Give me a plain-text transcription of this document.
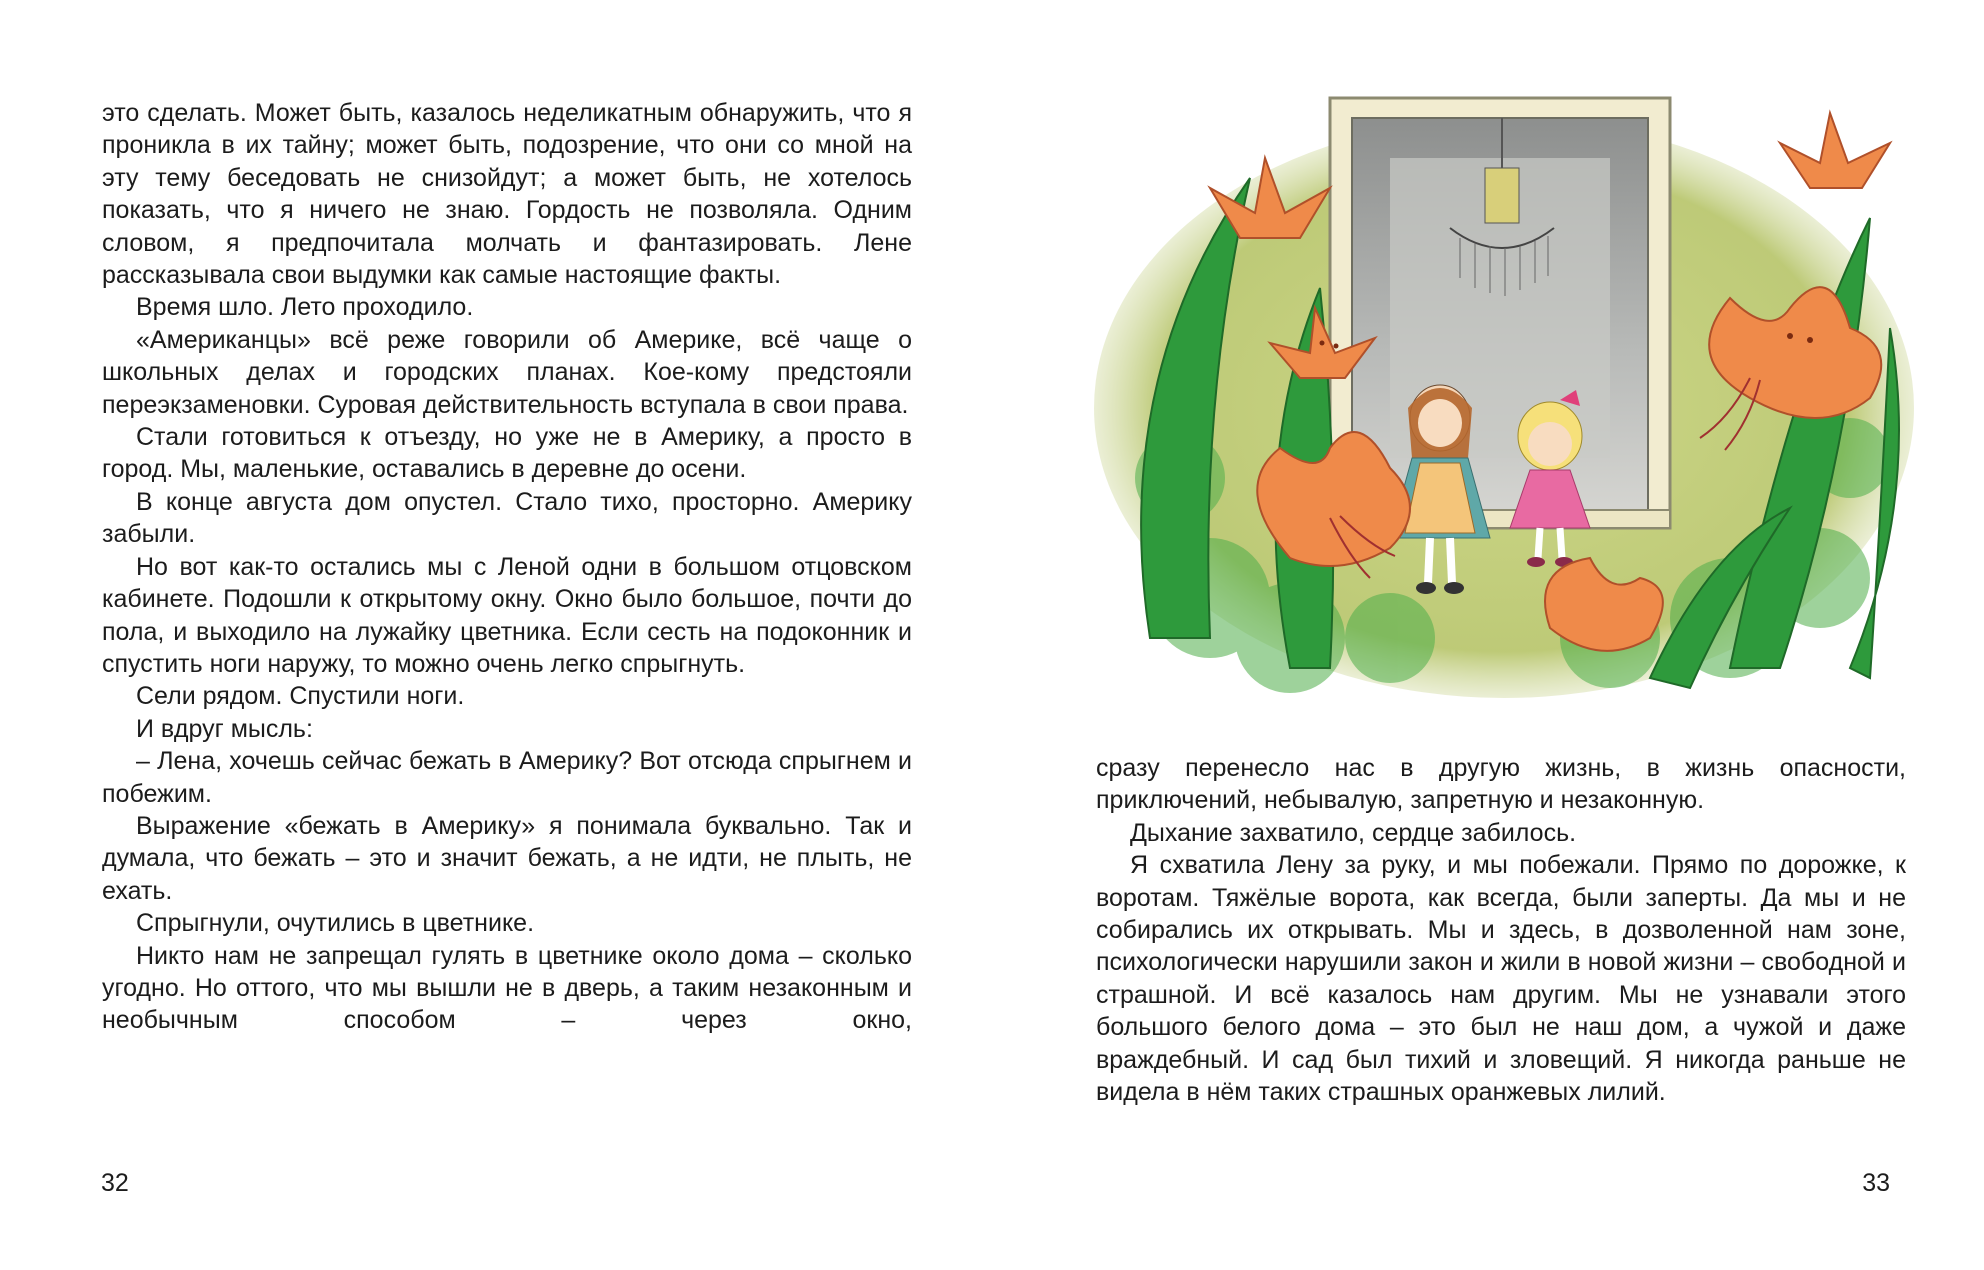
это сделать. Может быть, казалось неделикатным обнаружить, что я проникла в их тайну; может быть, подозрение, что они со мной на эту тему беседовать не снизойдут; а может быть, не хотелось показать, что я ничего не знаю. Гордость не позволяла. Одним словом, я предпочитала молчать и фантазировать. Лене рассказывала свои выдумки как самые настоящие факты.

Время шло. Лето проходило.

«Американцы» всё реже говорили об Америке, всё чаще о школьных делах и городских планах. Кое-кому предстояли переэкзаменовки. Суровая действительность вступала в свои права.

Стали готовиться к отъезду, но уже не в Америку, а просто в город. Мы, маленькие, оставались в деревне до осени.

В конце августа дом опустел. Стало тихо, просторно. Америку забыли.

Но вот как-то остались мы с Леной одни в большом отцовском кабинете. Подошли к открытому окну. Окно было большое, почти до пола, и выходило на лужайку цветника. Если сесть на подоконник и спустить ноги наружу, то можно очень легко спрыгнуть.

Сели рядом. Спустили ноги.

И вдруг мысль:

– Лена, хочешь сейчас бежать в Америку? Вот отсюда спрыгнем и побежим.

Выражение «бежать в Америку» я понимала буквально. Так и думала, что бежать – это и значит бежать, а не идти, не плыть, не ехать.

Спрыгнули, очутились в цветнике.

Никто нам не запрещал гулять в цветнике около дома – сколько угодно. Но оттого, что мы вышли не в дверь, а таким незаконным и необычным способом – через окно,

32

сразу перенесло нас в другую жизнь, в жизнь опасности, приключений, небывалую, запретную и незаконную.

Дыхание захватило, сердце забилось.

Я схватила Лену за руку, и мы побежали. Прямо по дорожке, к воротам. Тяжёлые ворота, как всегда, были заперты. Да мы и не собирались их открывать. Мы и здесь, в дозволенной нам зоне, психологически нарушили закон и жили в новой жизни – свободной и страшной. И всё казалось нам другим. Мы не узнавали этого большого белого дома – это был не наш дом, а чужой и даже враждебный. И сад был тихий и зловещий. Я никогда раньше не видела в нём таких страшных оранжевых лилий.

33
